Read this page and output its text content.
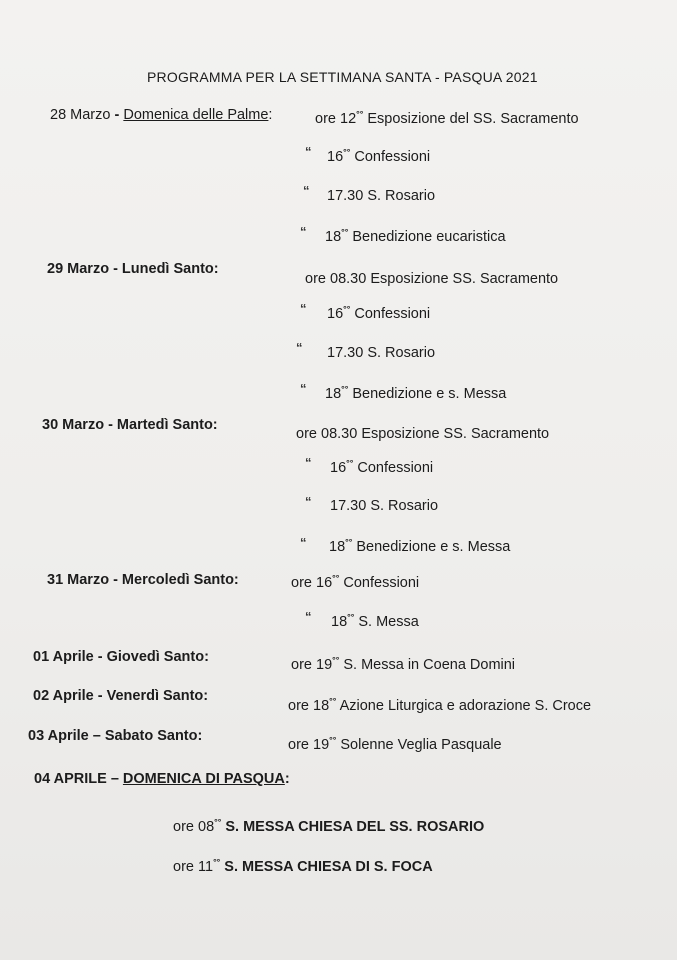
PROGRAMMA PER LA SETTIMANA SANTA - PASQUA 2021
28 Marzo - Domenica delle Palme:	ore 12°° Esposizione del SS. Sacramento
“ 16°° Confessioni
“ 17.30 S. Rosario
“ 18°° Benedizione eucaristica
29 Marzo - Lunedì Santo:
ore 08.30 Esposizione SS. Sacramento
“ 16°° Confessioni
“ 17.30 S. Rosario
“ 18°° Benedizione e s. Messa
30 Marzo - Martedì Santo:
ore 08.30 Esposizione SS. Sacramento
“ 16°° Confessioni
“ 17.30 S. Rosario
“ 18°° Benedizione e s. Messa
31 Marzo - Mercoledì Santo:	ore 16°° Confessioni
“ 18°° S. Messa
01 Aprile - Giovedì Santo:	ore 19°° S. Messa in Coena Domini
02 Aprile - Venerdì Santo:
ore 18°° Azione Liturgica e adorazione S. Croce
03 Aprile – Sabato Santo:
ore 19°° Solenne Veglia Pasquale
04 APRILE – DOMENICA DI PASQUA:
ore 08°° S. MESSA CHIESA DEL SS. ROSARIO
ore 11°° S. MESSA CHIESA DI S. FOCA
